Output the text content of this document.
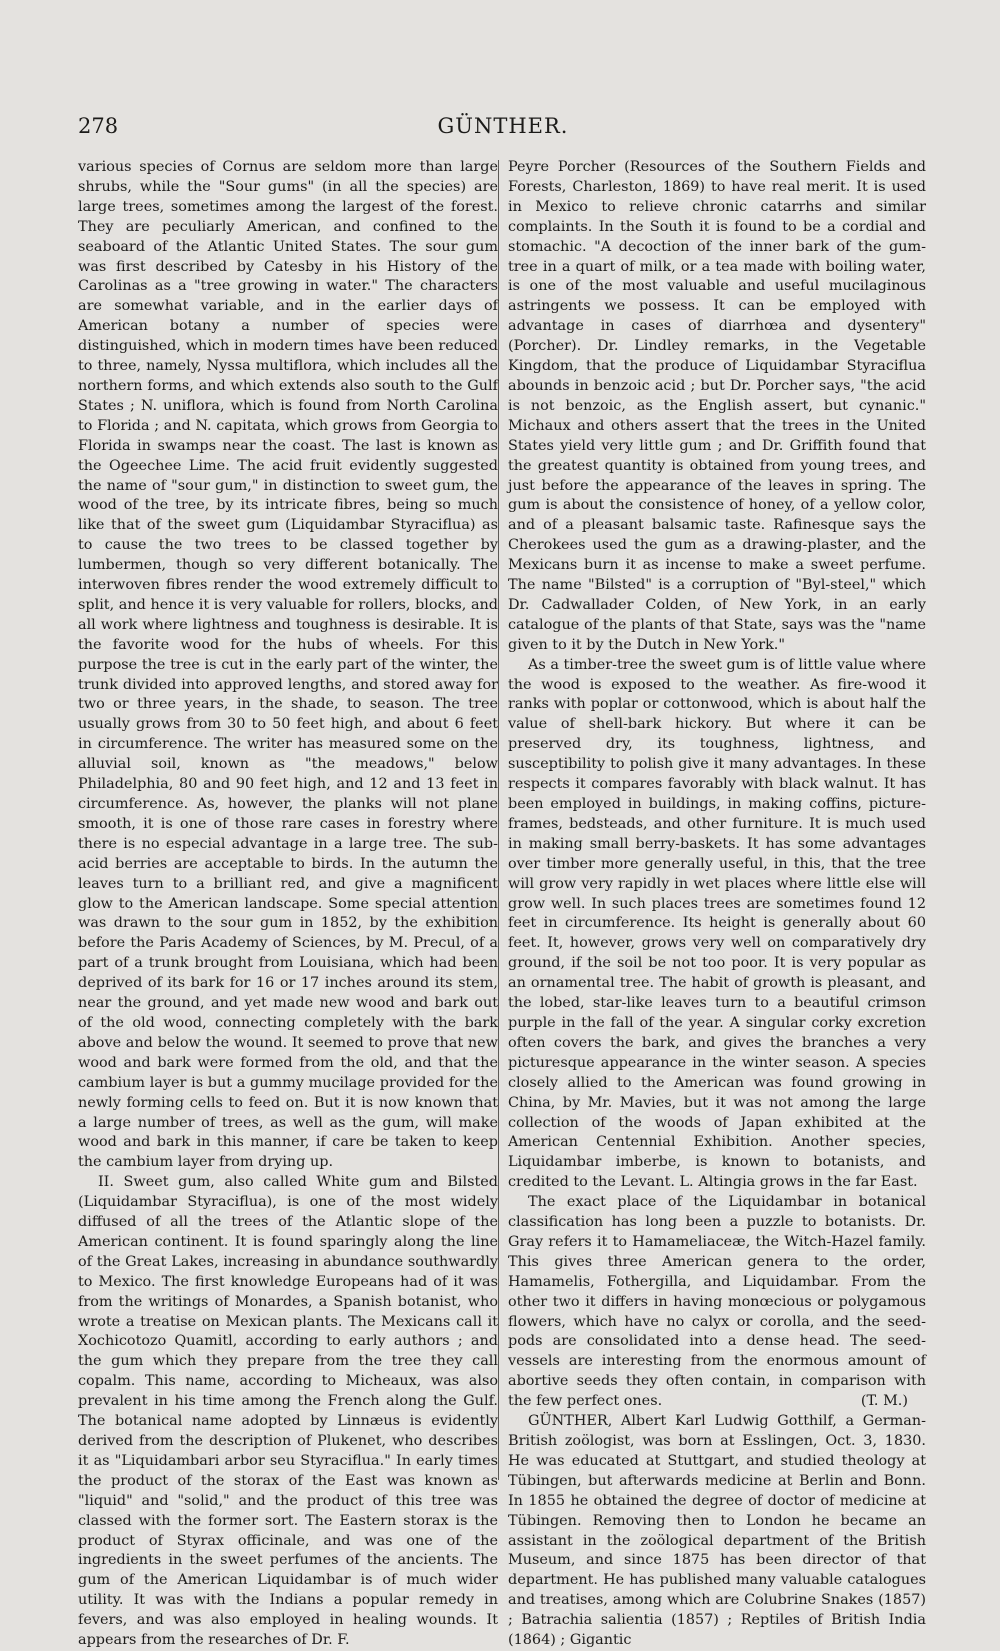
278	GÜNTHER.

various species of Cornus are seldom more than large shrubs, while the "Sour gums" (in all the species) are large trees, sometimes among the largest of the forest. They are peculiarly American, and confined to the seaboard of the Atlantic United States. The sour gum was first described by Catesby in his History of the Carolinas as a "tree growing in water." The characters are somewhat variable, and in the earlier days of American botany a number of species were distinguished, which in modern times have been reduced to three, namely, Nyssa multiflora, which includes all the northern forms, and which extends also south to the Gulf States ; N. uniflora, which is found from North Carolina to Florida ; and N. capitata, which grows from Georgia to Florida in swamps near the coast. The last is known as the Ogeechee Lime. The acid fruit evidently suggested the name of "sour gum," in distinction to sweet gum, the wood of the tree, by its intricate fibres, being so much like that of the sweet gum (Liquidambar Styraciflua) as to cause the two trees to be classed together by lumbermen, though so very different botanically. The interwoven fibres render the wood extremely difficult to split, and hence it is very valuable for rollers, blocks, and all work where lightness and toughness is desirable. It is the favorite wood for the hubs of wheels. For this purpose the tree is cut in the early part of the winter, the trunk divided into approved lengths, and stored away for two or three years, in the shade, to season. The tree usually grows from 30 to 50 feet high, and about 6 feet in circumference. The writer has measured some on the alluvial soil, known as "the meadows," below Philadelphia, 80 and 90 feet high, and 12 and 13 feet in circumference. As, however, the planks will not plane smooth, it is one of those rare cases in forestry where there is no especial advantage in a large tree. The sub-acid berries are acceptable to birds. In the autumn the leaves turn to a brilliant red, and give a magnificent glow to the American landscape. Some special attention was drawn to the sour gum in 1852, by the exhibition before the Paris Academy of Sciences, by M. Precul, of a part of a trunk brought from Louisiana, which had been deprived of its bark for 16 or 17 inches around its stem, near the ground, and yet made new wood and bark out of the old wood, connecting completely with the bark above and below the wound. It seemed to prove that new wood and bark were formed from the old, and that the cambium layer is but a gummy mucilage provided for the newly forming cells to feed on. But it is now known that a large number of trees, as well as the gum, will make wood and bark in this manner, if care be taken to keep the cambium layer from drying up.

II. Sweet gum, also called White gum and Bilsted (Liquidambar Styraciflua), is one of the most widely diffused of all the trees of the Atlantic slope of the American continent. It is found sparingly along the line of the Great Lakes, increasing in abundance southwardly to Mexico. The first knowledge Europeans had of it was from the writings of Monardes, a Spanish botanist, who wrote a treatise on Mexican plants. The Mexicans call it Xochicotozo Quamitl, according to early authors ; and the gum which they prepare from the tree they call copalm. This name, according to Micheaux, was also prevalent in his time among the French along the Gulf. The botanical name adopted by Linnæus is evidently derived from the description of Plukenet, who describes it as "Liquidambari arbor seu Styraciflua." In early times the product of the storax of the East was known as "liquid" and "solid," and the product of this tree was classed with the former sort. The Eastern storax is the product of Styrax officinale, and was one of the ingredients in the sweet perfumes of the ancients. The gum of the American Liquidambar is of much wider utility. It was with the Indians a popular remedy in fevers, and was also employed in healing wounds. It appears from the researches of Dr. F.

Peyre Porcher (Resources of the Southern Fields and Forests, Charleston, 1869) to have real merit. It is used in Mexico to relieve chronic catarrhs and similar complaints. In the South it is found to be a cordial and stomachic. "A decoction of the inner bark of the gum-tree in a quart of milk, or a tea made with boiling water, is one of the most valuable and useful mucilaginous astringents we possess. It can be employed with advantage in cases of diarrhœa and dysentery" (Porcher). Dr. Lindley remarks, in the Vegetable Kingdom, that the produce of Liquidambar Styraciflua abounds in benzoic acid ; but Dr. Porcher says, "the acid is not benzoic, as the English assert, but cynanic." Michaux and others assert that the trees in the United States yield very little gum ; and Dr. Griffith found that the greatest quantity is obtained from young trees, and just before the appearance of the leaves in spring. The gum is about the consistence of honey, of a yellow color, and of a pleasant balsamic taste. Rafinesque says the Cherokees used the gum as a drawing-plaster, and the Mexicans burn it as incense to make a sweet perfume. The name "Bilsted" is a corruption of "Byl-steel," which Dr. Cadwallader Colden, of New York, in an early catalogue of the plants of that State, says was the "name given to it by the Dutch in New York."

As a timber-tree the sweet gum is of little value where the wood is exposed to the weather. As fire-wood it ranks with poplar or cottonwood, which is about half the value of shell-bark hickory. But where it can be preserved dry, its toughness, lightness, and susceptibility to polish give it many advantages. In these respects it compares favorably with black walnut. It has been employed in buildings, in making coffins, picture-frames, bedsteads, and other furniture. It is much used in making small berry-baskets. It has some advantages over timber more generally useful, in this, that the tree will grow very rapidly in wet places where little else will grow well. In such places trees are sometimes found 12 feet in circumference. Its height is generally about 60 feet. It, however, grows very well on comparatively dry ground, if the soil be not too poor. It is very popular as an ornamental tree. The habit of growth is pleasant, and the lobed, star-like leaves turn to a beautiful crimson purple in the fall of the year. A singular corky excretion often covers the bark, and gives the branches a very picturesque appearance in the winter season. A species closely allied to the American was found growing in China, by Mr. Mavies, but it was not among the large collection of the woods of Japan exhibited at the American Centennial Exhibition. Another species, Liquidambar imberbe, is known to botanists, and credited to the Levant. L. Altingia grows in the far East.

The exact place of the Liquidambar in botanical classification has long been a puzzle to botanists. Dr. Gray refers it to Hamameliaceæ, the Witch-Hazel family. This gives three American genera to the order, Hamamelis, Fothergilla, and Liquidambar. From the other two it differs in having monœcious or polygamous flowers, which have no calyx or corolla, and the seed-pods are consolidated into a dense head. The seed-vessels are interesting from the enormous amount of abortive seeds they often contain, in comparison with the few perfect ones.	(T. M.)

GÜNTHER, Albert Karl Ludwig Gotthilf, a German-British zoölogist, was born at Esslingen, Oct. 3, 1830. He was educated at Stuttgart, and studied theology at Tübingen, but afterwards medicine at Berlin and Bonn. In 1855 he obtained the degree of doctor of medicine at Tübingen. Removing then to London he became an assistant in the zoölogical department of the British Museum, and since 1875 has been director of that department. He has published many valuable catalogues and treatises, among which are Colubrine Snakes (1857) ; Batrachia salientia (1857) ; Reptiles of British India (1864) ; Gigantic
